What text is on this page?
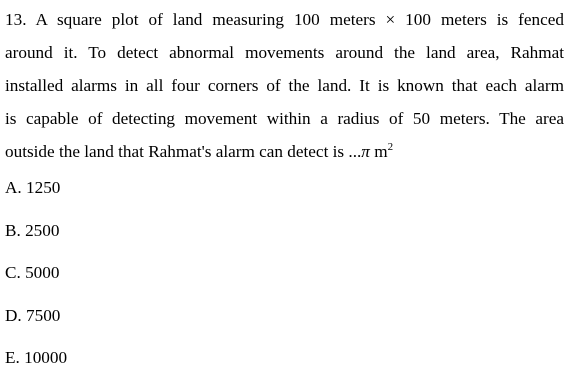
13. A square plot of land measuring 100 meters × 100 meters is fenced
around it. To detect abnormal movements around the land area, Rahmat
installed alarms in all four corners of the land. It is known that each alarm
is capable of detecting movement within a radius of 50 meters. The area
outside the land that Rahmat's alarm can detect is ...π $m^2$
A. 1250
B. 2500
C. 5000
D. 7500
E. 10000
